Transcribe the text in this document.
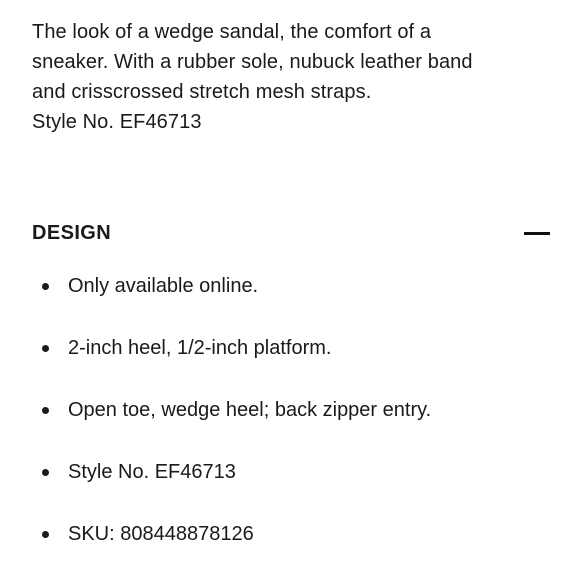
The look of a wedge sandal, the comfort of a

sneaker. With a rubber sole, nubuck leather band

and crisscrossed stretch mesh straps.

Style No. EF46713

DESIGN
Only available online.
2-inch heel, 1/2-inch platform.
Open toe, wedge heel; back zipper entry.
Style No. EF46713
SKU: 808448878126
